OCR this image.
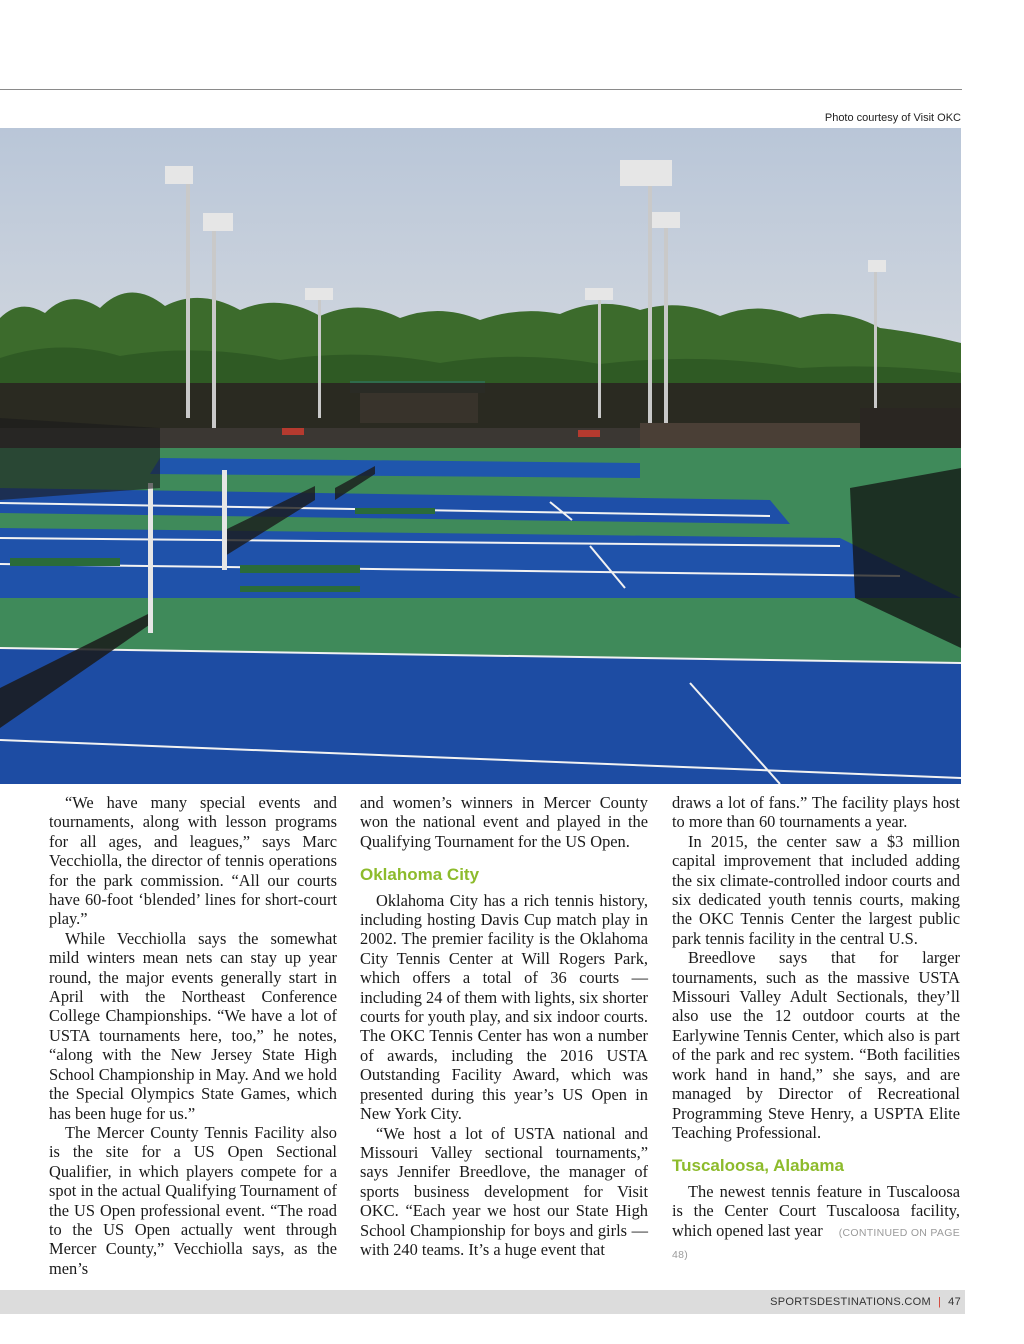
Photo courtesy of Visit OKC

“We have many special events and tournaments, along with lesson programs for all ages, and leagues,” says Marc Vecchiolla, the director of tennis operations for the park commission. “All our courts have 60-foot ‘blended’ lines for short-court play.”

While Vecchiolla says the somewhat mild winters mean nets can stay up year round, the major events generally start in April with the Northeast Conference College Championships. “We have a lot of USTA tournaments here, too,” he notes, “along with the New Jersey State High School Championship in May. And we hold the Special Olympics State Games, which has been huge for us.”

The Mercer County Tennis Facility also is the site for a US Open Sectional Qualifier, in which players compete for a spot in the actual Qualifying Tournament of the US Open professional event. “The road to the US Open actually went through Mercer County,” Vecchiolla says, as the men’s

and women’s winners in Mercer County won the national event and played in the Qualifying Tournament for the US Open.

Oklahoma City

Oklahoma City has a rich tennis history, including hosting Davis Cup match play in 2002. The premier facility is the Oklahoma City Tennis Center at Will Rogers Park, which offers a total of 36 courts — including 24 of them with lights, six shorter courts for youth play, and six indoor courts. The OKC Tennis Center has won a number of awards, including the 2016 USTA Outstanding Facility Award, which was presented during this year’s US Open in New York City.

“We host a lot of USTA national and Missouri Valley sectional tournaments,” says Jennifer Breedlove, the manager of sports business development for Visit OKC. “Each year we host our State High School Championship for boys and girls — with 240 teams. It’s a huge event that

draws a lot of fans.” The facility plays host to more than 60 tournaments a year.

In 2015, the center saw a $3 million capital improvement that included adding the six climate-controlled indoor courts and six dedicated youth tennis courts, making the OKC Tennis Center the largest public park tennis facility in the central U.S.

Breedlove says that for larger tournaments, such as the massive USTA Missouri Valley Adult Sectionals, they’ll also use the 12 outdoor courts at the Earlywine Tennis Center, which also is part of the park and rec system. “Both facilities work hand in hand,” she says, and are managed by Director of Recreational Programming Steve Henry, a USPTA Elite Teaching Professional.

Tuscaloosa, Alabama

The newest tennis feature in Tuscaloosa is the Center Court Tuscaloosa facility, which opened last year (CONTINUED ON PAGE 48)

SPORTSDESTINATIONS.COM | 47
